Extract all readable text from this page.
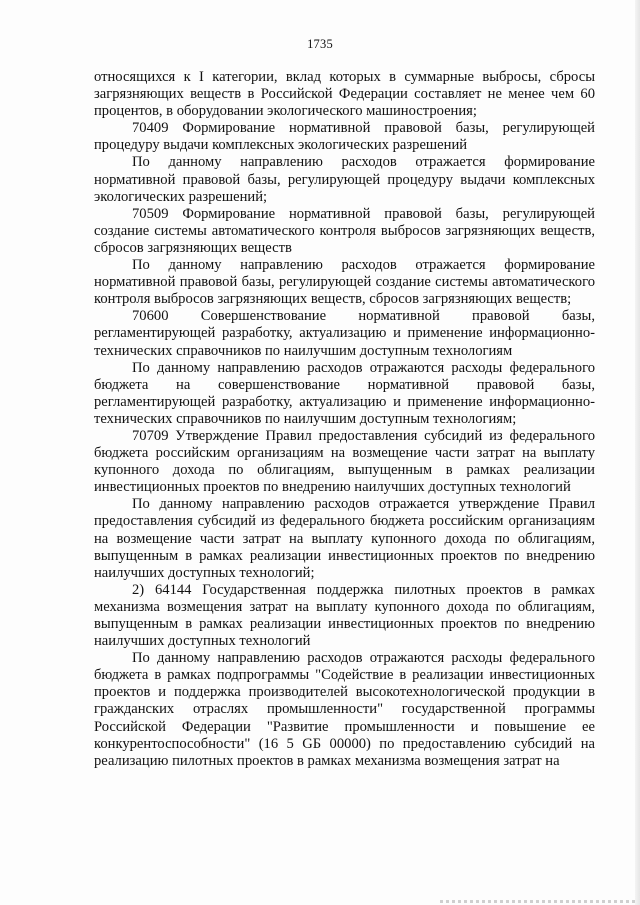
1735

относящихся к I категории, вклад которых в суммарные выбросы, сбросы загрязняющих веществ в Российской Федерации составляет не менее чем 60 процентов, в оборудовании экологического машиностроения;

70409 Формирование нормативной правовой базы, регулирующей процедуру выдачи комплексных экологических разрешений

По данному направлению расходов отражается формирование нормативной правовой базы, регулирующей процедуру выдачи комплексных экологических разрешений;

70509 Формирование нормативной правовой базы, регулирующей создание системы автоматического контроля выбросов загрязняющих веществ, сбросов загрязняющих веществ

По данному направлению расходов отражается формирование нормативной правовой базы, регулирующей создание системы автоматического контроля выбросов загрязняющих веществ, сбросов загрязняющих веществ;

70600 Совершенствование нормативной правовой базы, регламентирующей разработку, актуализацию и применение информационно-технических справочников по наилучшим доступным технологиям

По данному направлению расходов отражаются расходы федерального бюджета на совершенствование нормативной правовой базы, регламентирующей разработку, актуализацию и применение информационно-технических справочников по наилучшим доступным технологиям;

70709 Утверждение Правил предоставления субсидий из федерального бюджета российским организациям на возмещение части затрат на выплату купонного дохода по облигациям, выпущенным в рамках реализации инвестиционных проектов по внедрению наилучших доступных технологий

По данному направлению расходов отражается утверждение Правил предоставления субсидий из федерального бюджета российским организациям на возмещение части затрат на выплату купонного дохода по облигациям, выпущенным в рамках реализации инвестиционных проектов по внедрению наилучших доступных технологий;

2) 64144 Государственная поддержка пилотных проектов в рамках механизма возмещения затрат на выплату купонного дохода по облигациям, выпущенным в рамках реализации инвестиционных проектов по внедрению наилучших доступных технологий

По данному направлению расходов отражаются расходы федерального бюджета в рамках подпрограммы "Содействие в реализации инвестиционных проектов и поддержка производителей высокотехнологической продукции в гражданских отраслях промышленности" государственной программы Российской Федерации "Развитие промышленности и повышение ее конкурентоспособности" (16 5 GБ 00000) по предоставлению субсидий на реализацию пилотных проектов в рамках механизма возмещения затрат на
